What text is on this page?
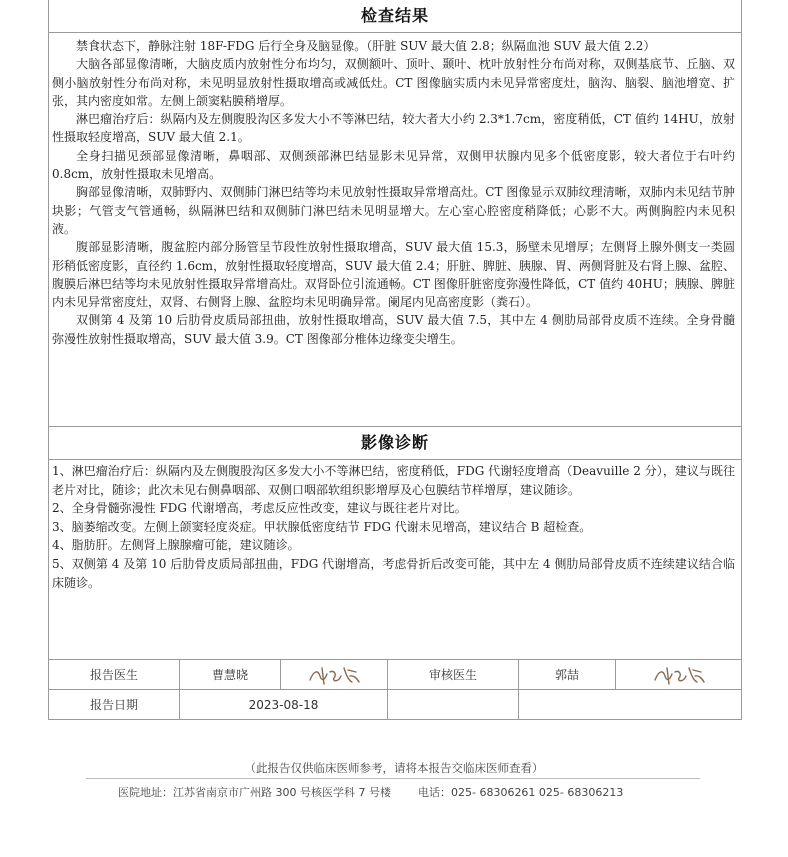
检查结果

禁食状态下，静脉注射 18F-FDG 后行全身及脑显像。（肝脏 SUV 最大值 2.8；纵隔血池 SUV 最大值 2.2）

大脑各部显像清晰，大脑皮质内放射性分布均匀，双侧额叶、顶叶、颞叶、枕叶放射性分布尚对称，双侧基底节、丘脑、双侧小脑放射性分布尚对称，未见明显放射性摄取增高或减低灶。CT 图像脑实质内未见异常密度灶，脑沟、脑裂、脑池增宽、扩张，其内密度如常。左侧上颌窦粘膜稍增厚。

淋巴瘤治疗后：纵隔内及左侧腹股沟区多发大小不等淋巴结，较大者大小约 2.3*1.7cm，密度稍低，CT 值约 14HU，放射性摄取轻度增高，SUV 最大值 2.1。

全身扫描见颈部显像清晰，鼻咽部、双侧颈部淋巴结显影未见异常，双侧甲状腺内见多个低密度影，较大者位于右叶约 0.8cm，放射性摄取未见增高。

胸部显像清晰，双肺野内、双侧肺门淋巴结等均未见放射性摄取异常增高灶。CT 图像显示双肺纹理清晰，双肺内未见结节肿块影；气管支气管通畅，纵隔淋巴结和双侧肺门淋巴结未见明显增大。左心室心腔密度稍降低；心影不大。两侧胸腔内未见积液。

腹部显影清晰，腹盆腔内部分肠管呈节段性放射性摄取增高，SUV 最大值 15.3，肠壁未见增厚；左侧肾上腺外侧支一类圆形稍低密度影，直径约 1.6cm，放射性摄取轻度增高，SUV 最大值 2.4；肝脏、脾脏、胰腺、胃、两侧肾脏及右肾上腺、盆腔、腹膜后淋巴结等均未见放射性摄取异常增高灶。双肾卧位引流通畅。CT 图像肝脏密度弥漫性降低，CT 值约 40HU；胰腺、脾脏内未见异常密度灶，双肾、右侧肾上腺、盆腔均未见明确异常。阑尾内见高密度影（粪石）。

双侧第 4 及第 10 后肋骨皮质局部扭曲，放射性摄取增高，SUV 最大值 7.5，其中左 4 侧肋局部骨皮质不连续。全身骨髓弥漫性放射性摄取增高，SUV 最大值 3.9。CT 图像部分椎体边缘变尖增生。

影像诊断

1、淋巴瘤治疗后：纵隔内及左侧腹股沟区多发大小不等淋巴结，密度稍低，FDG 代谢轻度增高（Deavuille 2 分），建议与既往老片对比，随诊；此次未见右侧鼻咽部、双侧口咽部软组织影增厚及心包膜结节样增厚，建议随诊。

2、全身骨髓弥漫性 FDG 代谢增高，考虑反应性改变，建议与既往老片对比。

3、脑萎缩改变。左侧上颌窦轻度炎症。甲状腺低密度结节 FDG 代谢未见增高，建议结合 B 超检查。

4、脂肪肝。左侧肾上腺腺瘤可能，建议随诊。

5、双侧第 4 及第 10 后肋骨皮质局部扭曲，FDG 代谢增高，考虑骨折后改变可能，其中左 4 侧肋局部骨皮质不连续建议结合临床随诊。

报告医生	曹慧晓		审核医生	郭喆	
报告日期	2023-08-18				
（此报告仅供临床医师参考，请将本报告交临床医师查看）
医院地址：江苏省南京市广州路 300 号核医学科 7 号楼 电话：025- 68306261 025- 68306213
